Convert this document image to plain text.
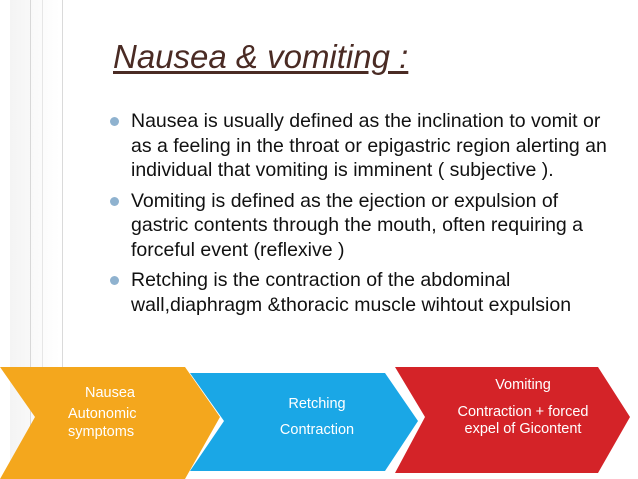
Nausea & vomiting :
Nausea is usually defined as the inclination to vomit or as a feeling in the throat or epigastric region alerting an individual that vomiting is imminent ( subjective ).
Vomiting is defined as the ejection or expulsion of gastric contents through the mouth, often requiring a forceful event (reflexive )
Retching is the contraction of the abdominal wall,diaphragm &thoracic muscle wihtout expulsion
Nausea
Autonomic symptoms
Retching
Contraction
Vomiting
Contraction + forced expel of Gicontent
